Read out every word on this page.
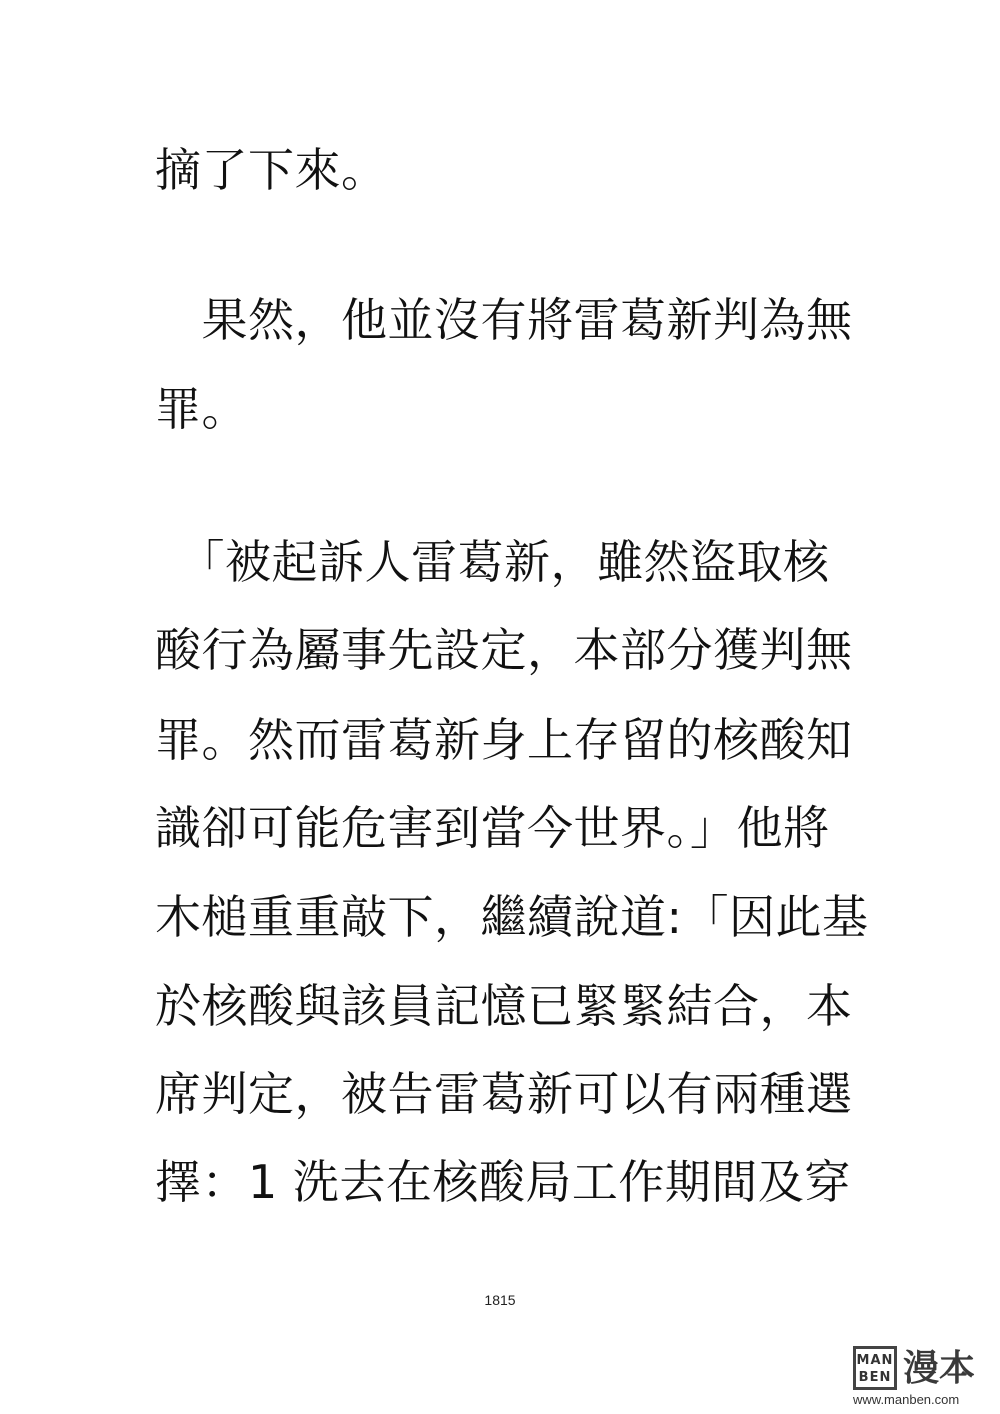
摘了下來。
　果然，他並沒有將雷葛新判為無
罪。
　「被起訴人雷葛新，雖然盜取核
酸行為屬事先設定，本部分獲判無
罪。然而雷葛新身上存留的核酸知
識卻可能危害到當今世界。」他將
木槌重重敲下，繼續說道:「因此基
於核酸與該員記憶已緊緊結合，本
席判定，被告雷葛新可以有兩種選
擇：1 洗去在核酸局工作期間及穿
1815
MAN BEN 漫本
www.manben.com
